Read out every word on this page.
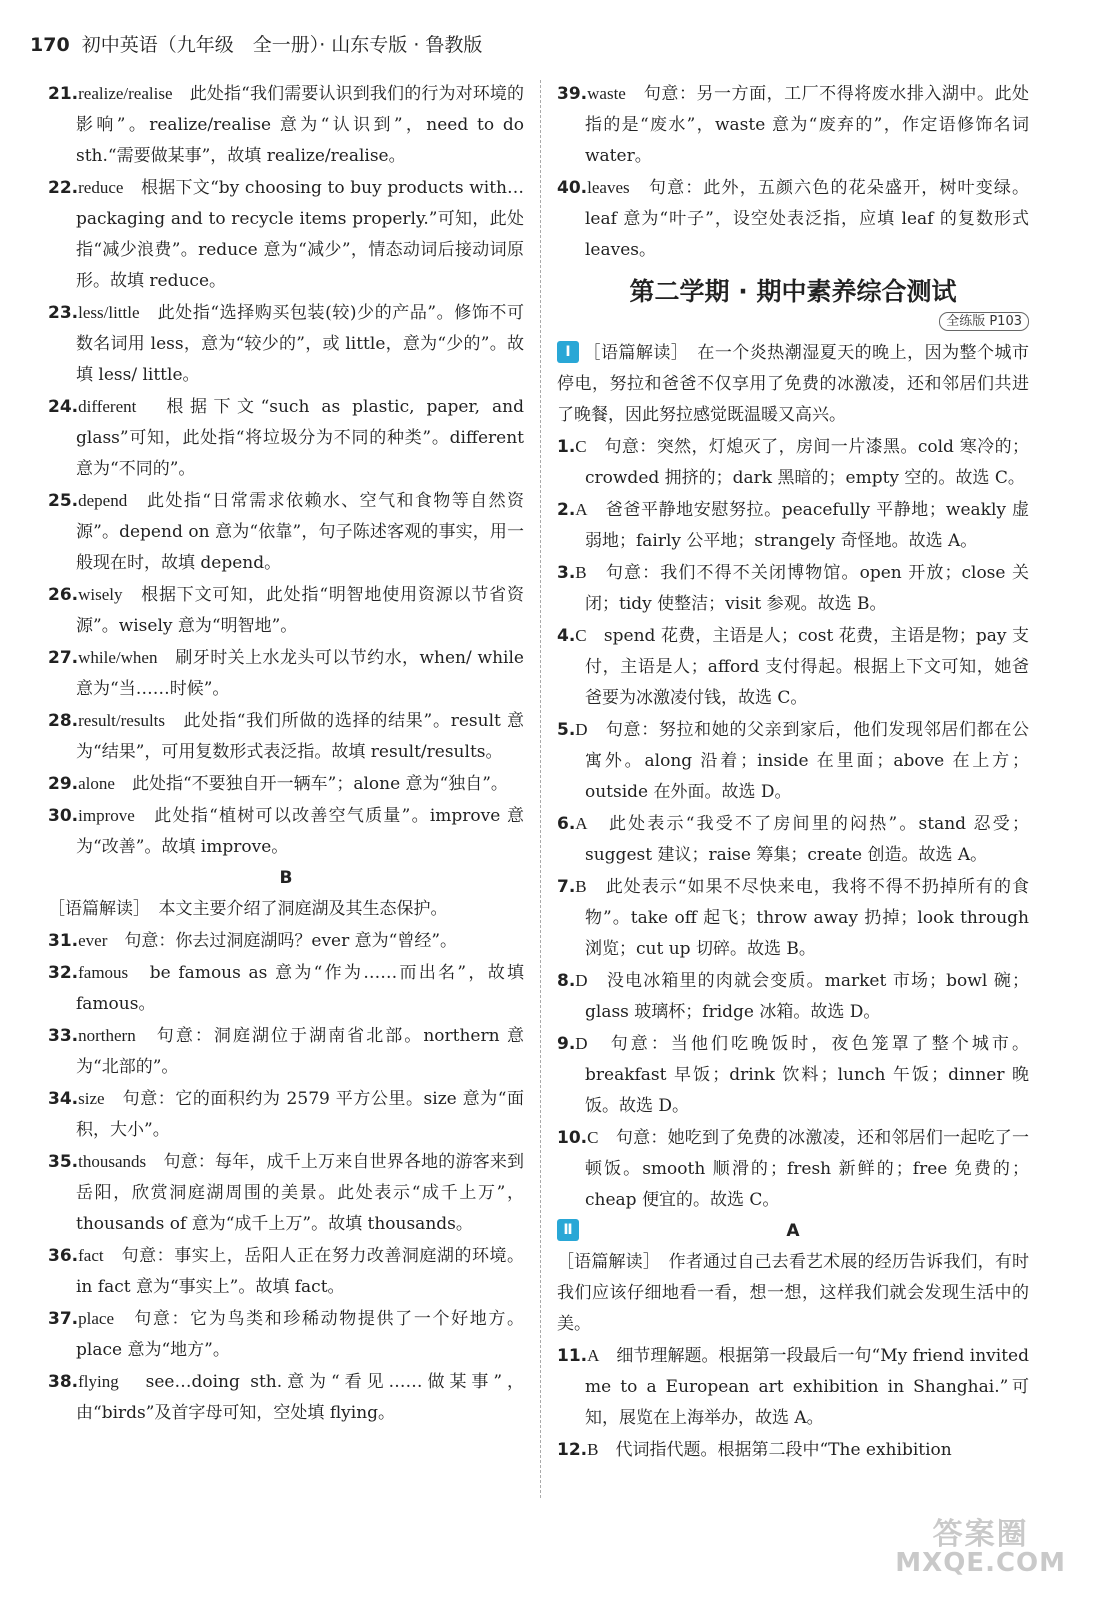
170 初中英语（九年级　全一册）· 山东专版 · 鲁教版

21.realize/realise　此处指“我们需要认识到我们的行为对环境的影响”。realize/realise 意为“认识到”，need to do sth.“需要做某事”，故填 realize/realise。

22.reduce　根据下文“by choosing to buy products with… packaging and to recycle items properly.”可知，此处指“减少浪费”。reduce 意为“减少”，情态动词后接动词原形。故填 reduce。

23.less/little　此处指“选择购买包装(较)少的产品”。修饰不可数名词用 less，意为“较少的”，或 little，意为“少的”。故填 less/ little。

24.different　根据下文“such as plastic, paper, and glass”可知，此处指“将垃圾分为不同的种类”。different 意为“不同的”。

25.depend　此处指“日常需求依赖水、空气和食物等自然资源”。depend on 意为“依靠”，句子陈述客观的事实，用一般现在时，故填 depend。

26.wisely　根据下文可知，此处指“明智地使用资源以节省资源”。wisely 意为“明智地”。

27.while/when　刷牙时关上水龙头可以节约水，when/ while 意为“当……时候”。

28.result/results　此处指“我们所做的选择的结果”。result 意为“结果”，可用复数形式表泛指。故填 result/results。

29.alone　此处指“不要独自开一辆车”；alone 意为“独自”。

30.improve　此处指“植树可以改善空气质量”。improve 意为“改善”。故填 improve。

B

［语篇解读］　本文主要介绍了洞庭湖及其生态保护。

31.ever　句意：你去过洞庭湖吗？ever 意为“曾经”。

32.famous　be famous as 意为“作为……而出名”，故填 famous。

33.northern　句意：洞庭湖位于湖南省北部。northern 意为“北部的”。

34.size　句意：它的面积约为 2579 平方公里。size 意为“面积，大小”。

35.thousands　句意：每年，成千上万来自世界各地的游客来到岳阳，欣赏洞庭湖周围的美景。此处表示“成千上万”，thousands of 意为“成千上万”。故填 thousands。

36.fact　句意：事实上，岳阳人正在努力改善洞庭湖的环境。in fact 意为“事实上”。故填 fact。

37.place　句意：它为鸟类和珍稀动物提供了一个好地方。place 意为“地方”。

38.flying　see…doing sth.意为“看见……做某事”，由“birds”及首字母可知，空处填 flying。

39.waste　句意：另一方面，工厂不得将废水排入湖中。此处指的是“废水”，waste 意为“废弃的”，作定语修饰名词 water。

40.leaves　句意：此外，五颜六色的花朵盛开，树叶变绿。leaf 意为“叶子”，设空处表泛指，应填 leaf 的复数形式 leaves。

第二学期 · 期中素养综合测试
全练版 P103

Ⅰ ［语篇解读］　在一个炎热潮湿夏天的晚上，因为整个城市停电，努拉和爸爸不仅享用了免费的冰激凌，还和邻居们共进了晚餐，因此努拉感觉既温暖又高兴。

1.C　句意：突然，灯熄灭了，房间一片漆黑。cold 寒冷的；crowded 拥挤的；dark 黑暗的；empty 空的。故选 C。

2.A　爸爸平静地安慰努拉。peacefully 平静地；weakly 虚弱地；fairly 公平地；strangely 奇怪地。故选 A。

3.B　句意：我们不得不关闭博物馆。open 开放；close 关闭；tidy 使整洁；visit 参观。故选 B。

4.C　spend 花费，主语是人；cost 花费，主语是物；pay 支付，主语是人；afford 支付得起。根据上下文可知，她爸爸要为冰激凌付钱，故选 C。

5.D　句意：努拉和她的父亲到家后，他们发现邻居们都在公寓外。along 沿着；inside 在里面；above 在上方；outside 在外面。故选 D。

6.A　此处表示“我受不了房间里的闷热”。stand 忍受；suggest 建议；raise 筹集；create 创造。故选 A。

7.B　此处表示“如果不尽快来电，我将不得不扔掉所有的食物”。take off 起飞；throw away 扔掉；look through 浏览；cut up 切碎。故选 B。

8.D　没电冰箱里的肉就会变质。market 市场；bowl 碗；glass 玻璃杯；fridge 冰箱。故选 D。

9.D　句意：当他们吃晚饭时，夜色笼罩了整个城市。breakfast 早饭；drink 饮料；lunch 午饭；dinner 晚饭。故选 D。

10.C　句意：她吃到了免费的冰激凌，还和邻居们一起吃了一顿饭。smooth 顺滑的；fresh 新鲜的；free 免费的；cheap 便宜的。故选 C。

Ⅱ	A

［语篇解读］　作者通过自己去看艺术展的经历告诉我们，有时我们应该仔细地看一看，想一想，这样我们就会发现生活中的美。

11.A　细节理解题。根据第一段最后一句“My friend invited me to a European art exhibition in Shanghai.”可知，展览在上海举办，故选 A。

12.B　代词指代题。根据第二段中“The exhibition

答案圈
MXQE.COM
